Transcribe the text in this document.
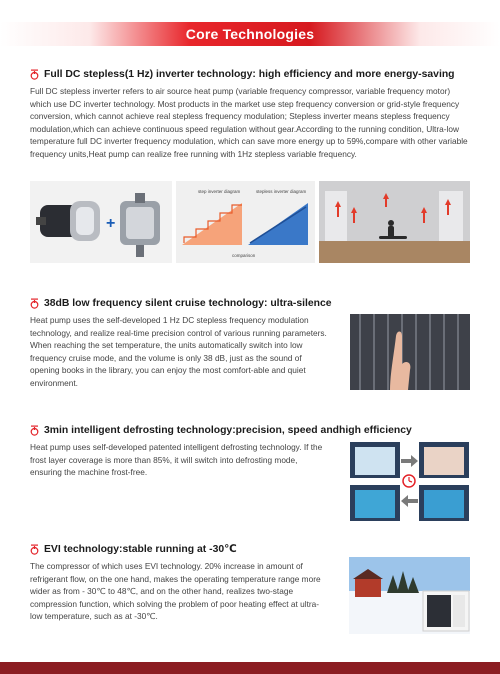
Core Technologies
Full DC stepless(1 Hz) inverter technology: high efficiency and more energy-saving

Full DC stepless inverter refers to air source heat pump (variable frequency compressor, variable frequency motor) which use DC inverter technology. Most products in the market use step frequency conversion or grid-style frequency conversion, which cannot achieve real stepless frequency modulation; Stepless inverter means stepless frequency modulation,which can achieve continuous speed regulation without gear.According to the running condition, Ultra-low temperature full DC inverter frequency modulation, which can save more energy up to 59%,compare with other variable frequency units,Heat pump can realize free running with 1Hz stepless variable frequency.

+
step inverter diagram	stepless inverter diagram
comparison
38dB low frequency silent cruise technology: ultra-silence

Heat pump uses the self-developed 1 Hz DC stepless frequency modulation technology, and realize real-time precision control of various running parameters. When reaching the set temperature, the units automatically switch into low frequency cruise mode, and the volume is only 38 dB, just as the sound of opening books in the library, you can enjoy the most comfort-able and quiet environment.

3min intelligent defrosting technology:precision, speed andhigh efficiency

Heat pump uses self-developed patented intelligent defrosting technology. If the frost layer coverage is more than 85%, it will switch into defrosting mode, ensuring the machine frost-free.

EVI technology:stable running at -30℃

The compressor of which uses EVI technology. 20% increase in amount of refrigerant flow, on the one hand, makes the operating temperature range more wider as from - 30℃ to 48℃, and on the other hand, realizes two-stage compression function, which solving the problem of poor heating effect at ultra-low temperature, such as at -30℃.
